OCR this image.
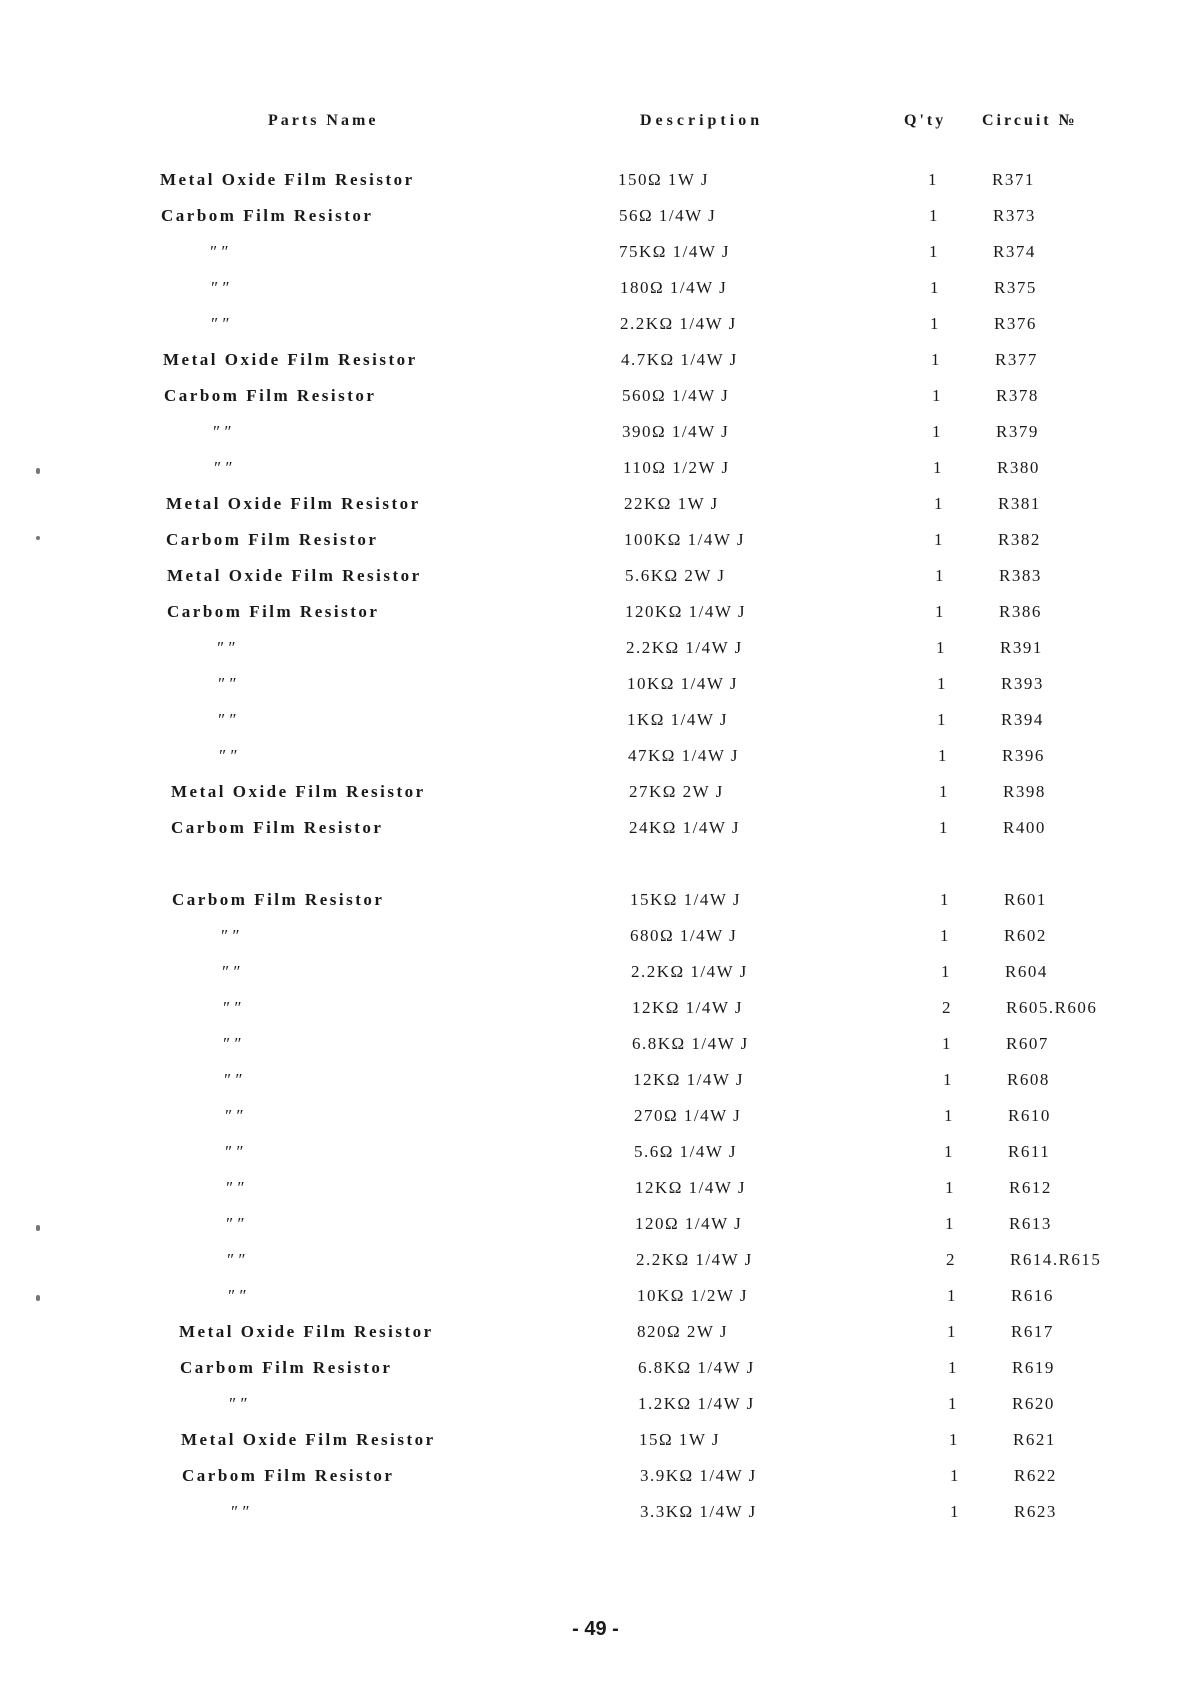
Parts Name	Description	Q'ty Circuit №
Metal Oxide Film Resistor	150Ω 1W J	1	R371
Carbom Film Resistor	56Ω 1/4W J	1	R373
″ ″	75KΩ 1/4W J	1	R374
″ ″	180Ω 1/4W J	1	R375
″ ″	2.2KΩ 1/4W J	1	R376
Metal Oxide Film Resistor	4.7KΩ 1/4W J	1	R377
Carbom Film Resistor	560Ω 1/4W J	1	R378
″ ″	390Ω 1/4W J	1	R379
″ ″	110Ω 1/2W J	1	R380
Metal Oxide Film Resistor	22KΩ 1W J	1	R381
Carbom Film Resistor	100KΩ 1/4W J	1	R382
Metal Oxide Film Resistor	5.6KΩ 2W J	1	R383
Carbom Film Resistor	120KΩ 1/4W J	1	R386
″ ″	2.2KΩ 1/4W J	1	R391
″ ″	10KΩ 1/4W J	1	R393
″ ″	1KΩ 1/4W J	1	R394
″ ″	47KΩ 1/4W J	1	R396
Metal Oxide Film Resistor	27KΩ 2W J	1	R398
Carbom Film Resistor	24KΩ 1/4W J	1	R400
Carbom Film Resistor	15KΩ 1/4W J	1	R601
″ ″	680Ω 1/4W J	1	R602
″ ″	2.2KΩ 1/4W J	1	R604
″ ″	12KΩ 1/4W J	2	R605.R606
″ ″	6.8KΩ 1/4W J	1	R607
″ ″	12KΩ 1/4W J	1	R608
″ ″	270Ω 1/4W J	1	R610
″ ″	5.6Ω 1/4W J	1	R611
″ ″	12KΩ 1/4W J	1	R612
″ ″	120Ω 1/4W J	1	R613
″ ″	2.2KΩ 1/4W J	2	R614.R615
″ ″	10KΩ 1/2W J	1	R616
Metal Oxide Film Resistor	820Ω 2W J	1	R617
Carbom Film Resistor	6.8KΩ 1/4W J	1	R619
″ ″	1.2KΩ 1/4W J	1	R620
Metal Oxide Film Resistor	15Ω 1W J	1	R621
Carbom Film Resistor	3.9KΩ 1/4W J	1	R622
″ ″	3.3KΩ 1/4W J	1	R623
- 49 -
